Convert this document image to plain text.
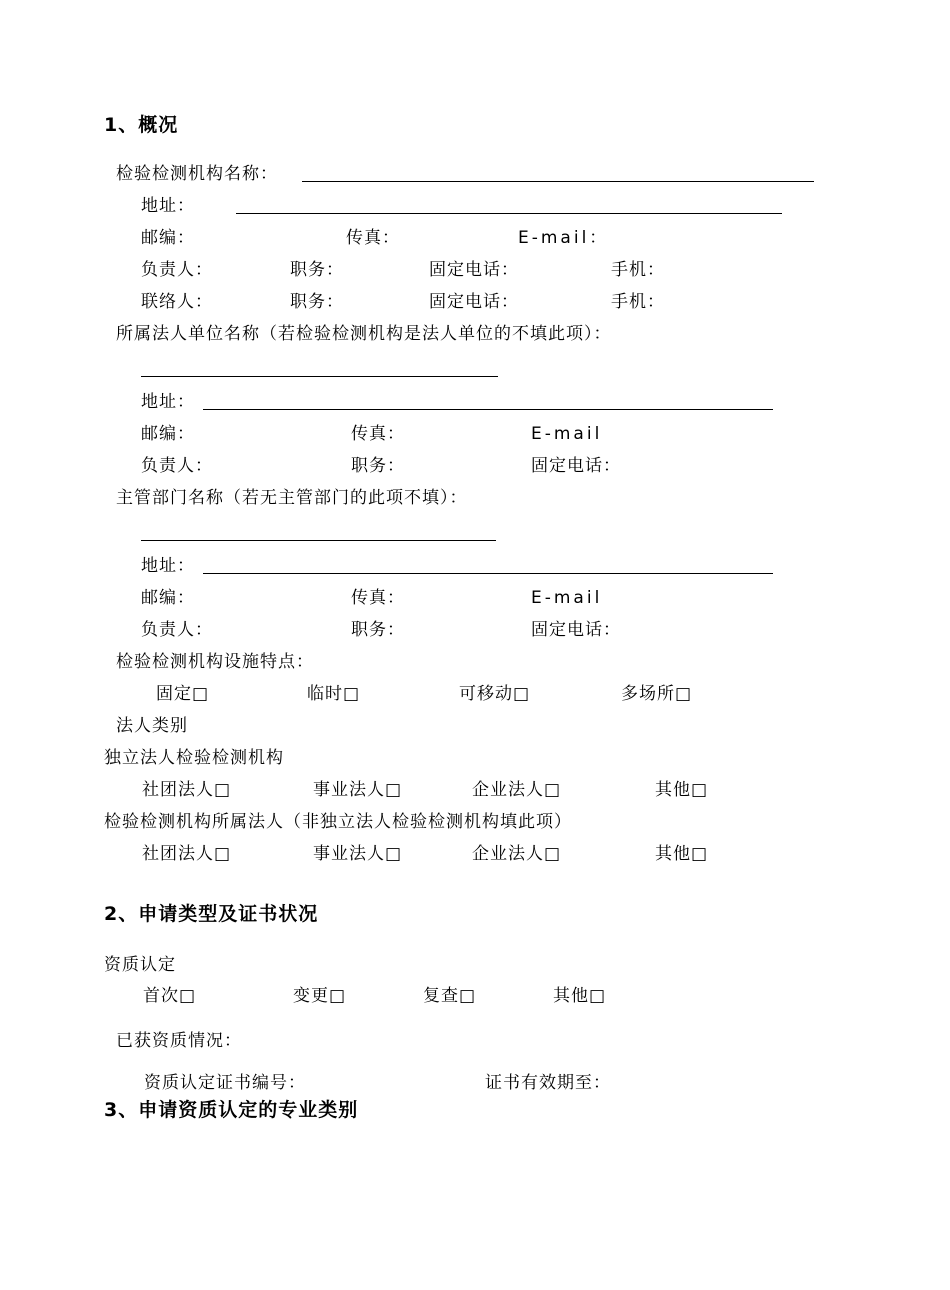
1、概况
检验检测机构名称：
地址：
邮编：	传真：	E-mail：
负责人：	职务：	固定电话：	手机：
联络人：	职务：	固定电话：	手机：
所属法人单位名称（若检验检测机构是法人单位的不填此项）：
地址：
邮编：	传真：	E-mail
负责人：	职务：	固定电话：
主管部门名称（若无主管部门的此项不填）：
地址：
邮编：	传真：	E-mail
负责人：	职务：	固定电话：
检验检测机构设施特点：
固定□	临时□	可移动□	多场所□
法人类别
独立法人检验检测机构
社团法人□	事业法人□	企业法人□	其他□
检验检测机构所属法人（非独立法人检验检测机构填此项）
社团法人□	事业法人□	企业法人□	其他□
2、申请类型及证书状况
资质认定
首次□	变更□	复查□	其他□
已获资质情况：
资质认定证书编号：	证书有效期至：
3、申请资质认定的专业类别
